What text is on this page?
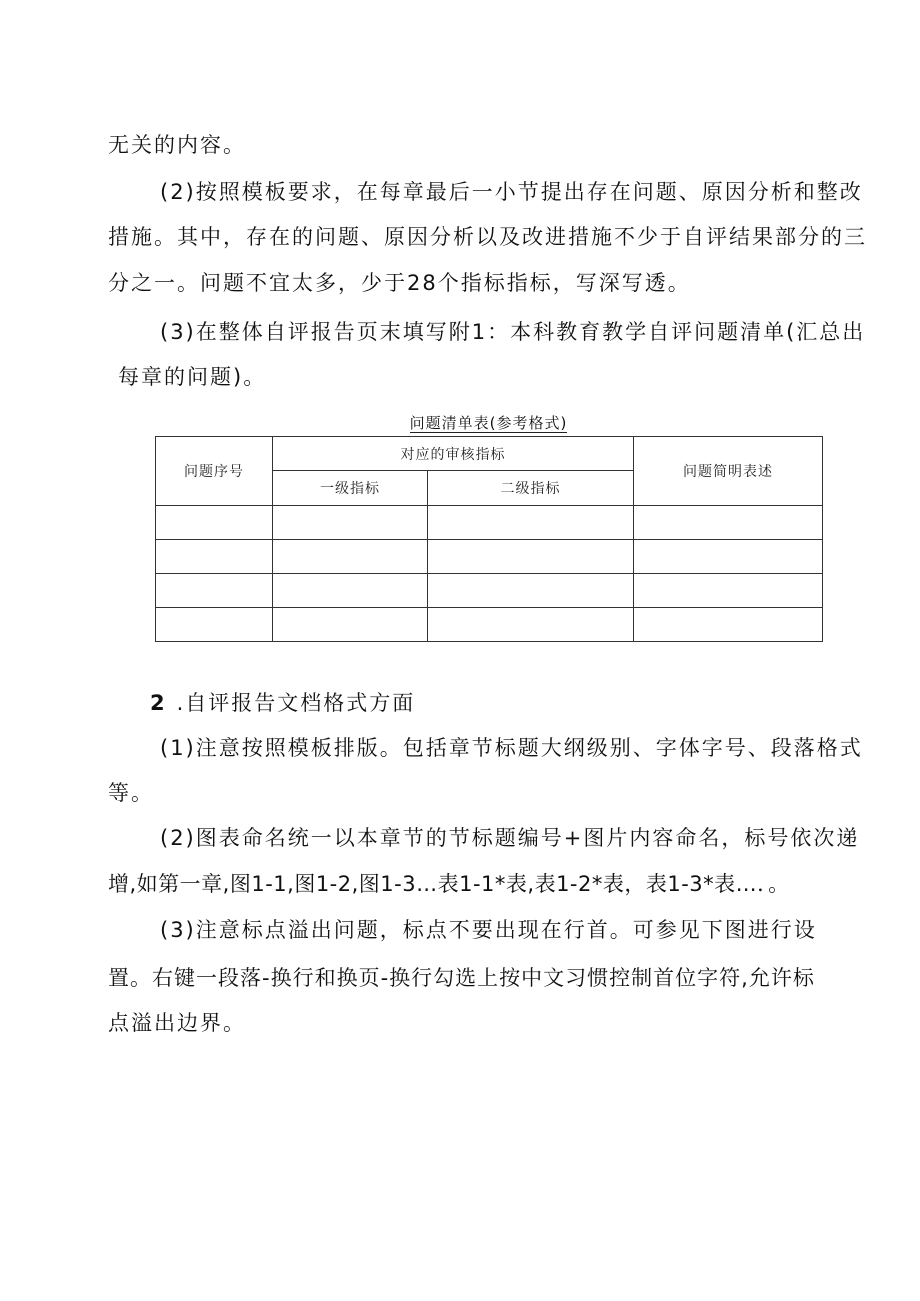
无关的内容。
(2)按照模板要求，在每章最后一小节提出存在问题、原因分析和整改
措施。其中，存在的问题、原因分析以及改进措施不少于自评结果部分的三
分之一。问题不宜太多，少于28个指标指标，写深写透。
(3)在整体自评报告页末填写附1：本科教育教学自评问题清单(汇总出
每章的问题)。
问题清单表(参考格式)
问题序号	对应的审核指标		问题简明表述
	一级指标	二级指标	

2 .自评报告文档格式方面
(1)注意按照模板排版。包括章节标题大纲级别、字体字号、段落格式
等。
(2)图表命名统一以本章节的节标题编号+图片内容命名，标号依次递
增,如第一章,图1-1,图1-2,图1-3…表1-1*表,表1-2*表，表1-3*表…．。
(3)注意标点溢出问题，标点不要出现在行首。可参见下图进行设
置。右键一段落-换行和换页-换行勾选上按中文习惯控制首位字符,允许标
点溢出边界。
